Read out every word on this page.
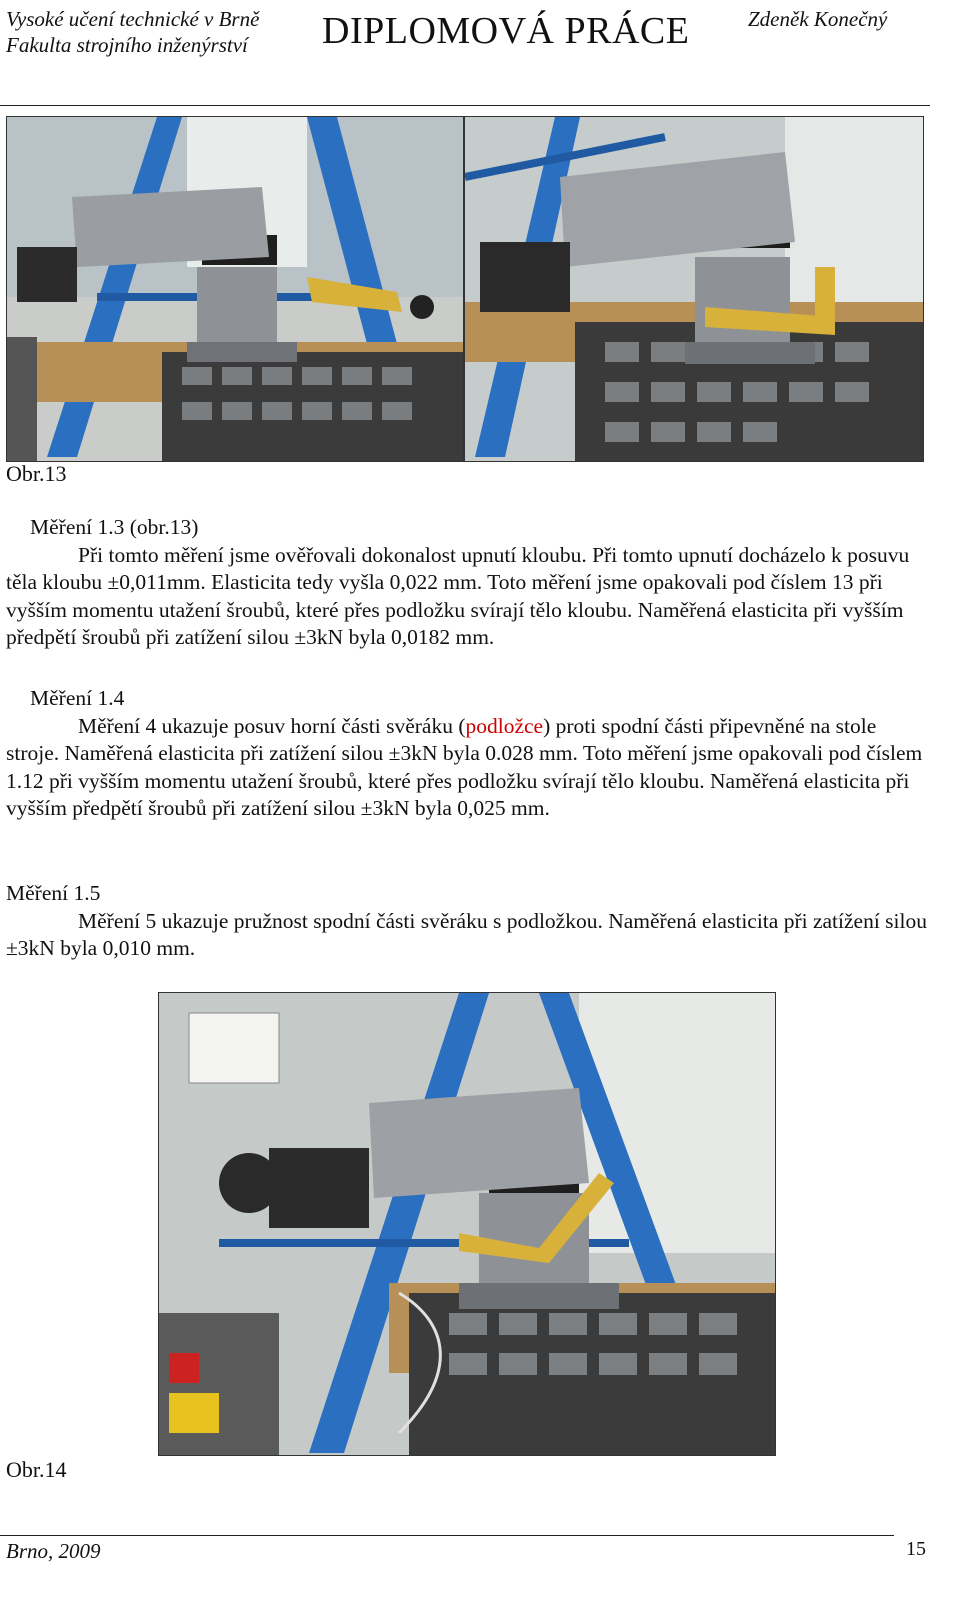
Vysoké učení technické v Brně
Fakulta strojního inženýrství	DIPLOMOVÁ PRÁCE	Zdeněk Konečný
Obr.13

Měření 1.3 (obr.13)

Při tomto měření jsme ověřovali dokonalost upnutí kloubu. Při tomto upnutí docházelo k posuvu těla kloubu ±0,011mm. Elasticita tedy vyšla 0,022 mm. Toto měření jsme opakovali pod číslem 13 při vyšším momentu utažení šroubů, které přes podložku svírají tělo kloubu. Naměřená elasticita při vyšším předpětí šroubů při zatížení silou ±3kN byla 0,0182 mm.

Měření 1.4

Měření 4 ukazuje posuv horní části svěráku (podložce) proti spodní části připevněné na stole stroje. Naměřená elasticita při zatížení silou ±3kN byla 0.028 mm. Toto měření jsme opakovali pod číslem 1.12 při vyšším momentu utažení šroubů, které přes podložku svírají tělo kloubu. Naměřená elasticita při vyšším předpětí šroubů při zatížení silou ±3kN byla 0,025 mm.

Měření 1.5

Měření 5 ukazuje pružnost spodní části svěráku s podložkou. Naměřená elasticita při zatížení silou ±3kN byla 0,010 mm.

Obr.14
Brno, 2009	15
